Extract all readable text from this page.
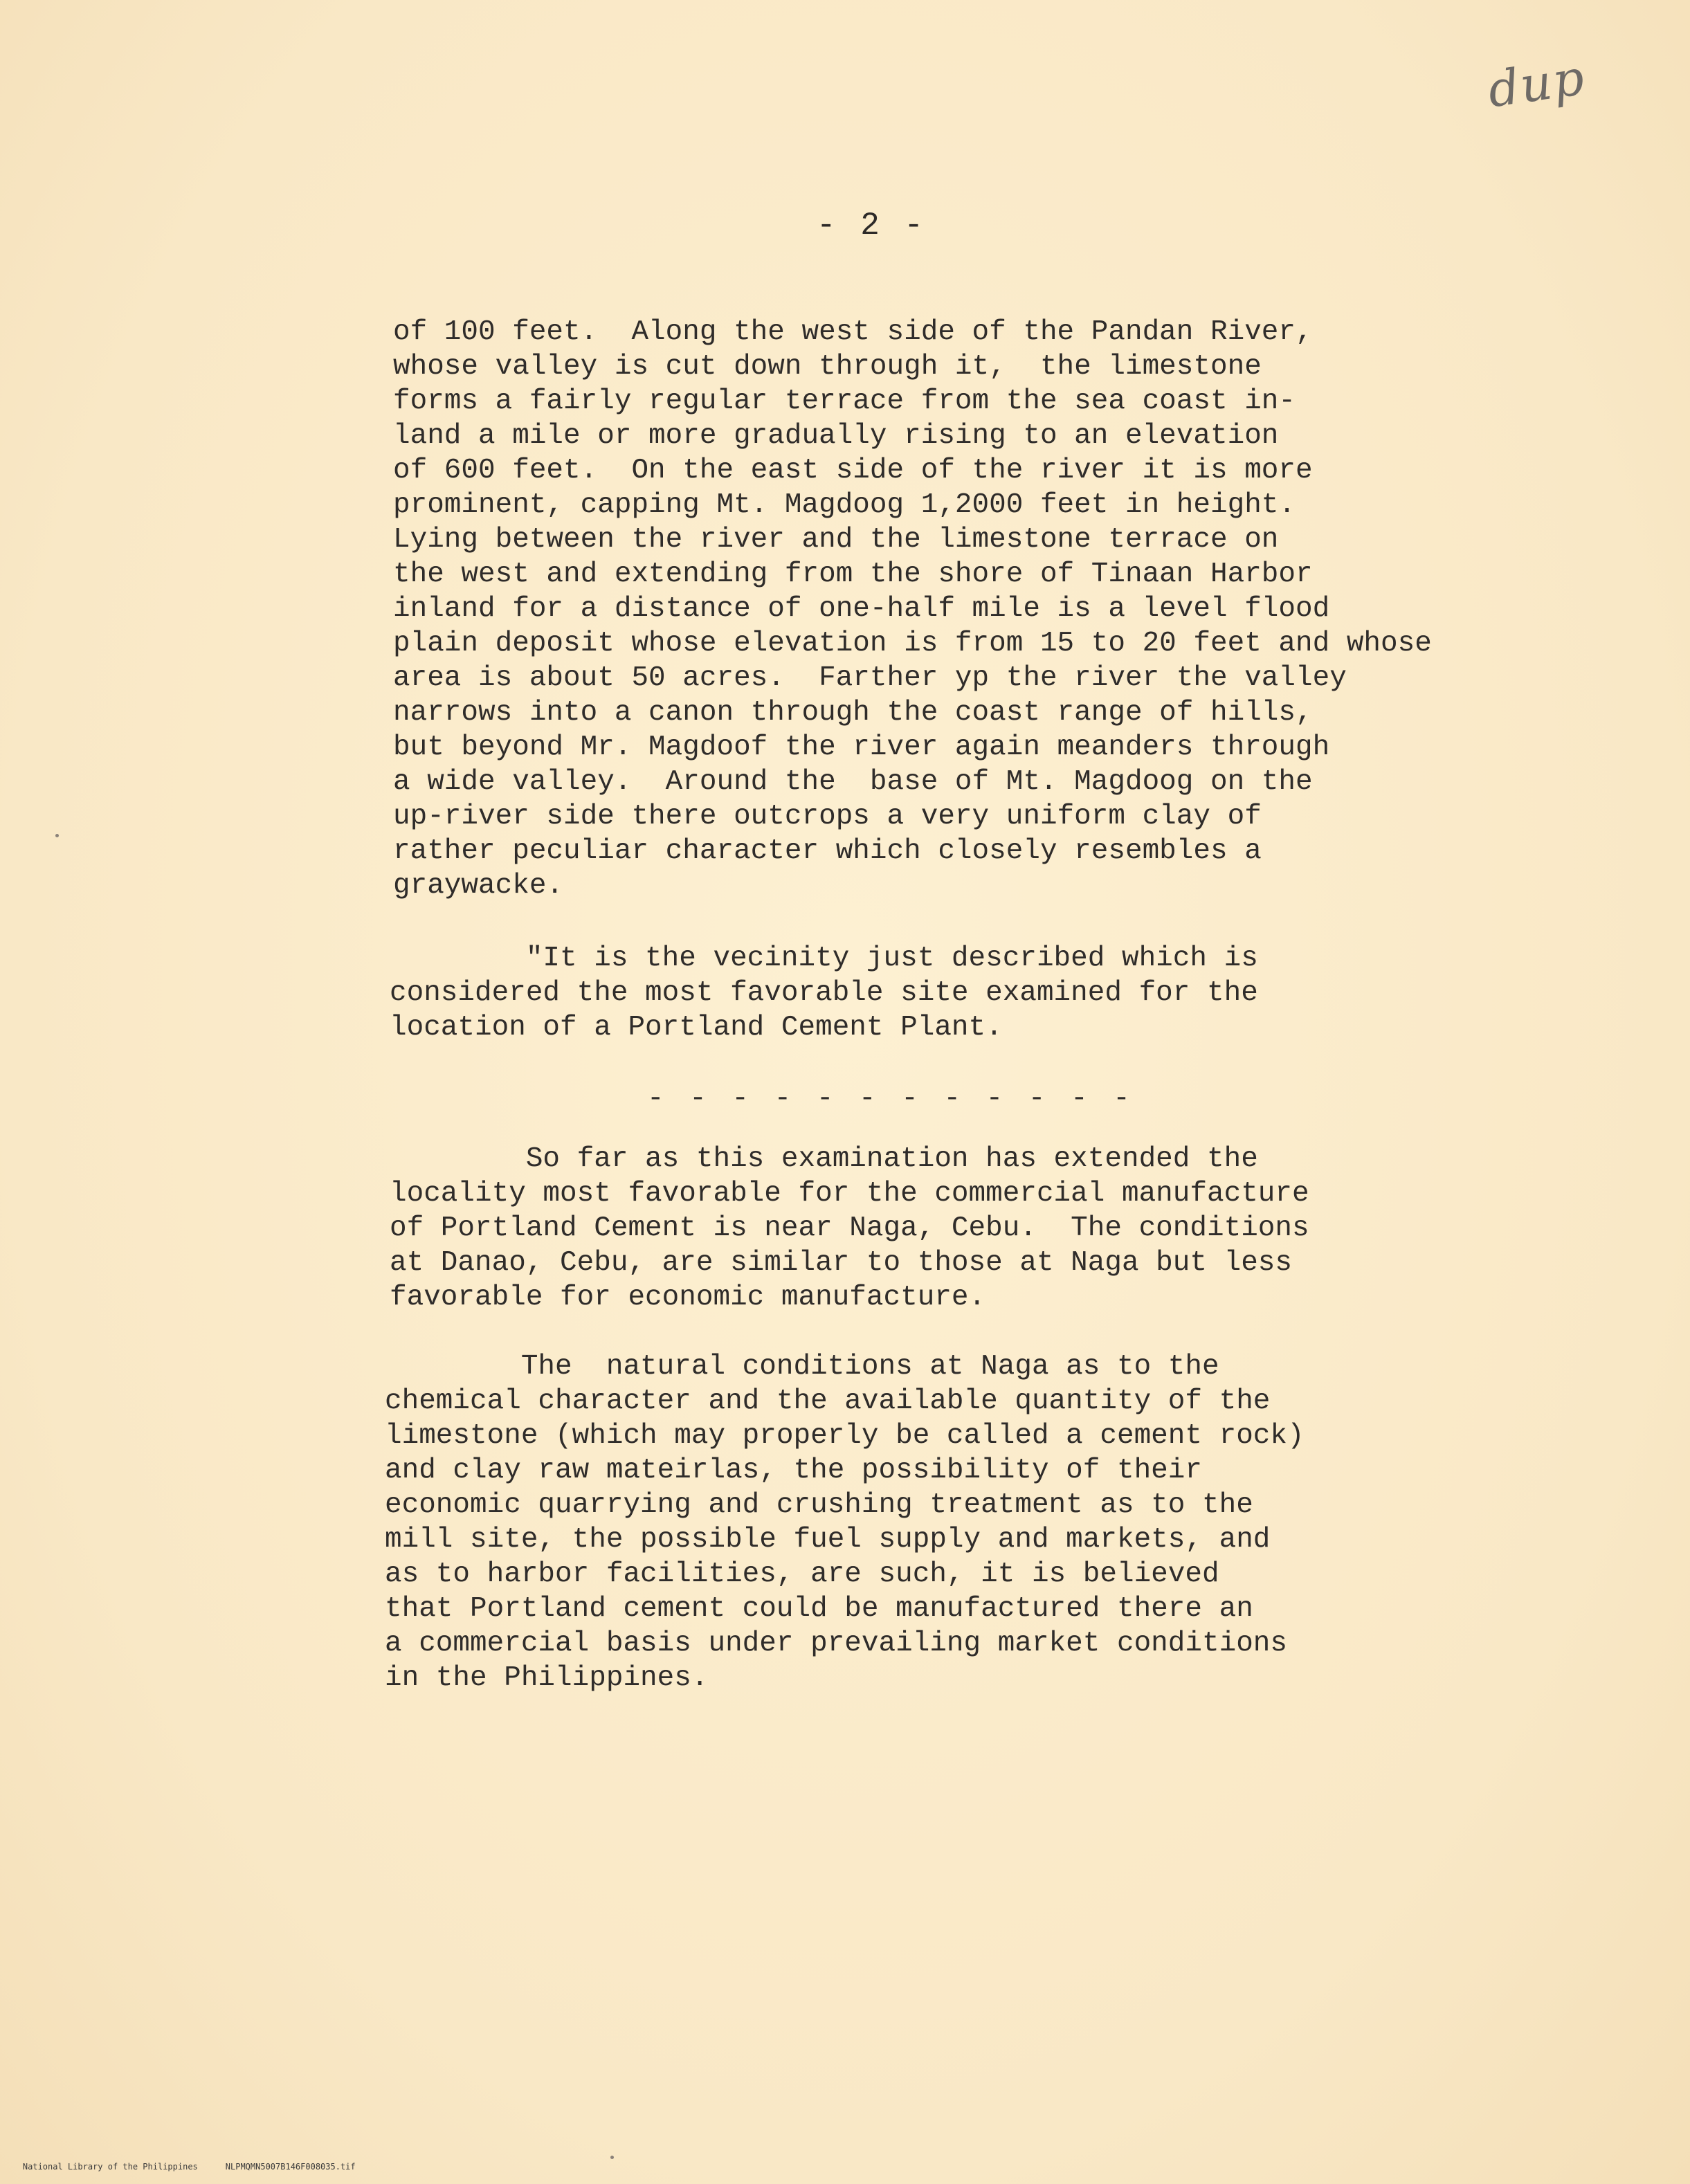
dup
- 2 -
of 100 feet.  Along the west side of the Pandan River,
whose valley is cut down through it,  the limestone
forms a fairly regular terrace from the sea coast in-
land a mile or more gradually rising to an elevation
of 600 feet.  On the east side of the river it is more
prominent, capping Mt. Magdoog 1,2000 feet in height.
Lying between the river and the limestone terrace on
the west and extending from the shore of Tinaan Harbor
inland for a distance of one-half mile is a level flood
plain deposit whose elevation is from 15 to 20 feet and whose
area is about 50 acres.  Farther yp the river the valley
narrows into a canon through the coast range of hills,
but beyond Mr. Magdoof the river again meanders through
a wide valley.  Around the  base of Mt. Magdoog on the
up-river side there outcrops a very uniform clay of
rather peculiar character which closely resembles a
graywacke.
"It is the vecinity just described which is
considered the most favorable site examined for the
location of a Portland Cement Plant.
- - - - - - - - - - - -
So far as this examination has extended the
locality most favorable for the commercial manufacture
of Portland Cement is near Naga, Cebu.  The conditions
at Danao, Cebu, are similar to those at Naga but less
favorable for economic manufacture.
The  natural conditions at Naga as to the
chemical character and the available quantity of the
limestone (which may properly be called a cement rock)
and clay raw mateirlas, the possibility of their
economic quarrying and crushing treatment as to the
mill site, the possible fuel supply and markets, and
as to harbor facilities, are such, it is believed
that Portland cement could be manufactured there an
a commercial basis under prevailing market conditions
in the Philippines.

National Library of the Philippines	NLPMQMN5007B146F008035.tif
